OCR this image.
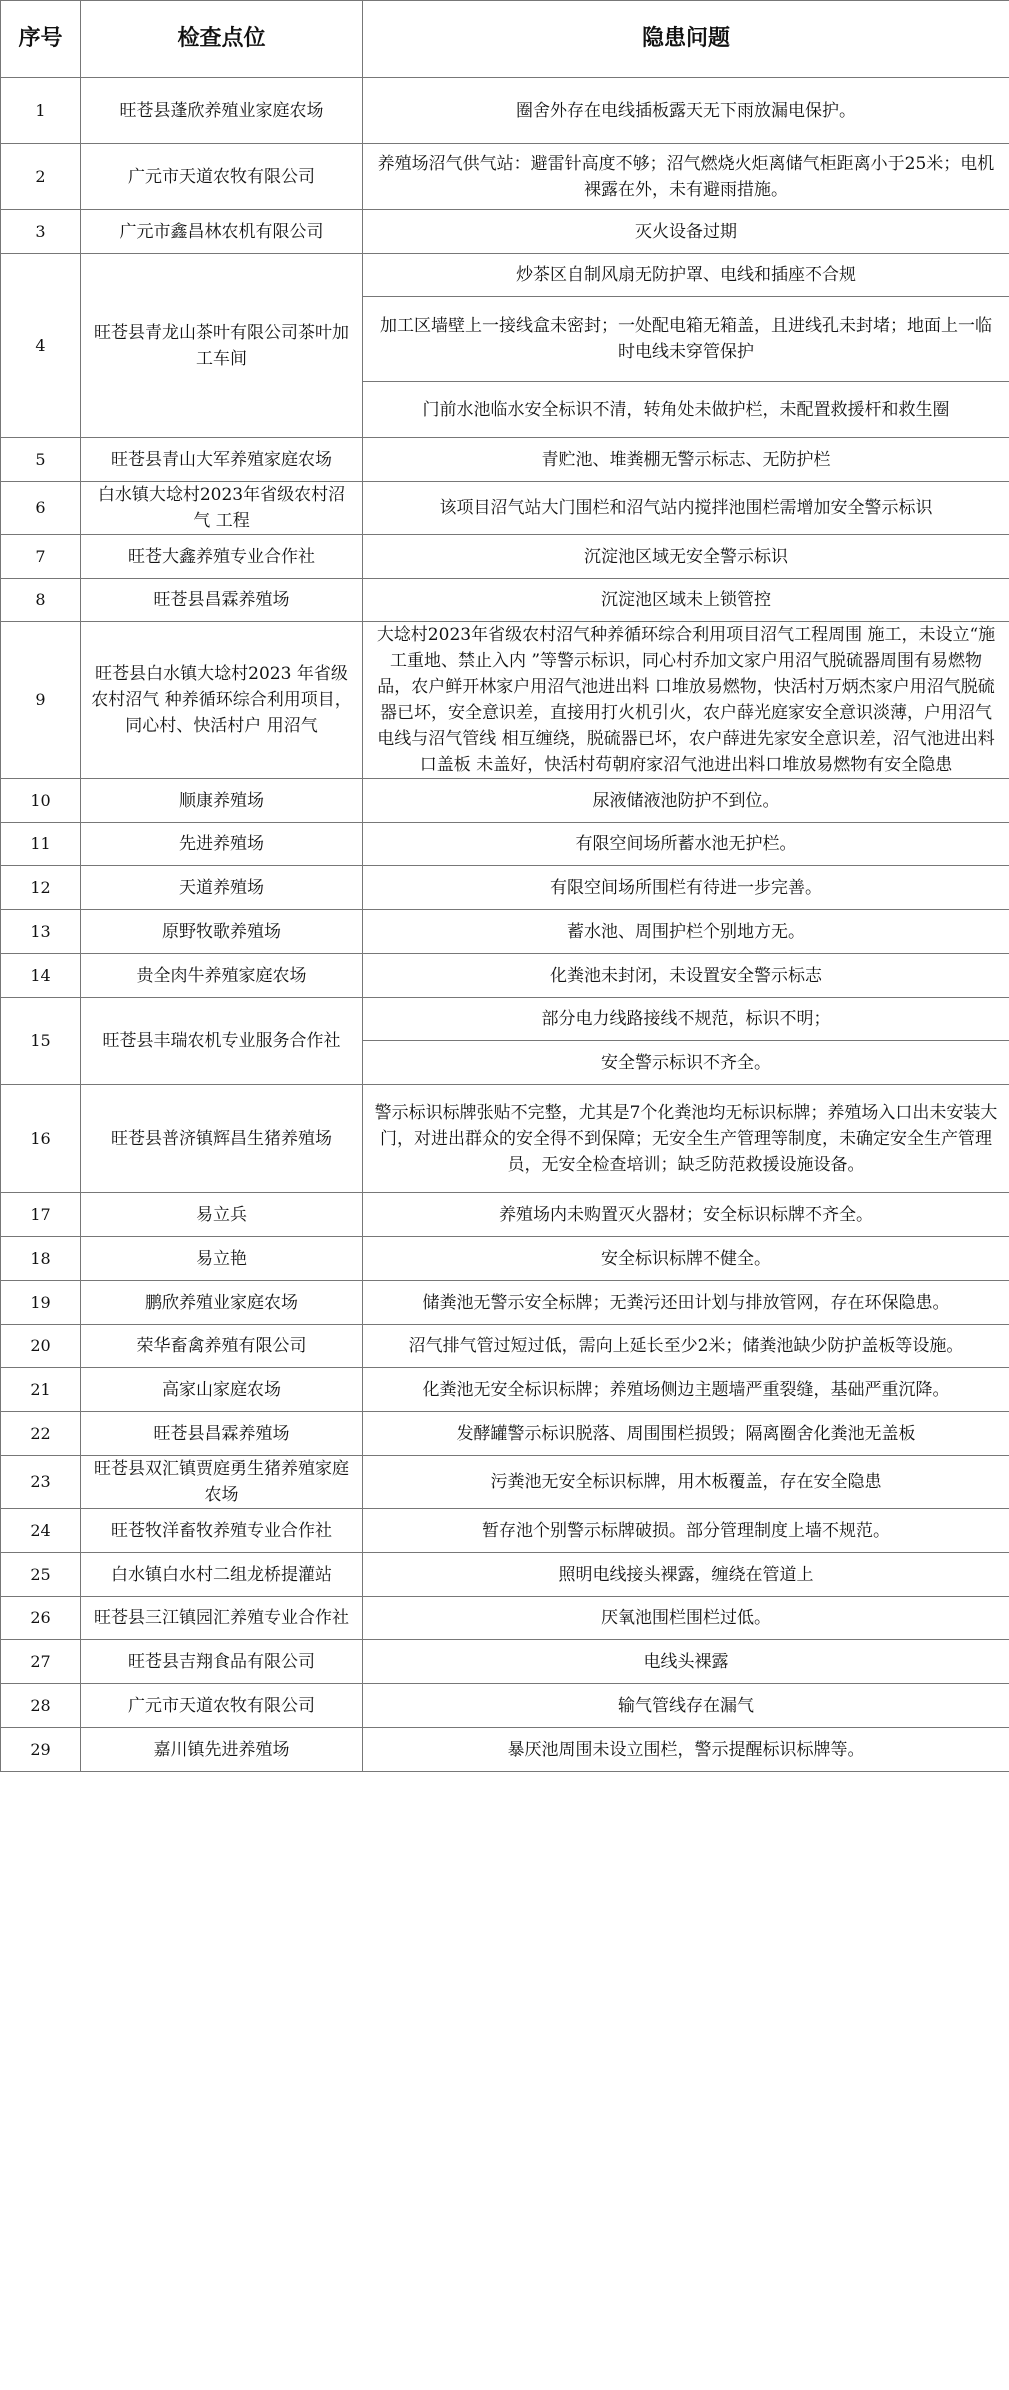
序号	检查点位	隐患问题
1	旺苍县蓬欣养殖业家庭农场	圈舍外存在电线插板露天无下雨放漏电保护。
2	广元市天道农牧有限公司	养殖场沼气供气站：避雷针高度不够；沼气燃烧火炬离储气柜距离小于25米；电机裸露在外，未有避雨措施。
3	广元市鑫昌林农机有限公司	灭火设备过期
4	旺苍县青龙山茶叶有限公司茶叶加工车间	炒茶区自制风扇无防护罩、电线和插座不合规
		加工区墙壁上一接线盒未密封；一处配电箱无箱盖，且进线孔未封堵；地面上一临时电线未穿管保护
		门前水池临水安全标识不清，转角处未做护栏，未配置救援杆和救生圈
5	旺苍县青山大军养殖家庭农场	青贮池、堆粪棚无警示标志、无防护栏
6	白水镇大埝村2023年省级农村沼气 工程	该项目沼气站大门围栏和沼气站内搅拌池围栏需增加安全警示标识
7	旺苍大鑫养殖专业合作社	沉淀池区域无安全警示标识
8	旺苍县昌霖养殖场	沉淀池区域未上锁管控
9	旺苍县白水镇大埝村2023 年省级农村沼气 种养循环综合利用项目，同心村、快活村户 用沼气	大埝村2023年省级农村沼气种养循环综合利用项目沼气工程周围 施工，未设立“施工重地、禁止入内 ”等警示标识，同心村乔加文家户用沼气脱硫器周围有易燃物品，农户鲜开林家户用沼气池进出料 口堆放易燃物，快活村万炳杰家户用沼气脱硫器已坏，安全意识差，直接用打火机引火，农户薛光庭家安全意识淡薄，户用沼气电线与沼气管线 相互缠绕，脱硫器已坏，农户薛进先家安全意识差，沼气池进出料口盖板 未盖好，快活村苟朝府家沼气池进出料口堆放易燃物有安全隐患
10	顺康养殖场	尿液储液池防护不到位。
11	先进养殖场	有限空间场所蓄水池无护栏。
12	天道养殖场	有限空间场所围栏有待进一步完善。
13	原野牧歌养殖场	蓄水池、周围护栏个别地方无。
14	贵全肉牛养殖家庭农场	化粪池未封闭，未设置安全警示标志
15	旺苍县丰瑞农机专业服务合作社	部分电力线路接线不规范，标识不明；
		安全警示标识不齐全。
16	旺苍县普济镇辉昌生猪养殖场	警示标识标牌张贴不完整，尤其是7个化粪池均无标识标牌；养殖场入口出未安装大门，对进出群众的安全得不到保障；无安全生产管理等制度，未确定安全生产管理员，无安全检查培训；缺乏防范救援设施设备。
17	易立兵	养殖场内未购置灭火器材；安全标识标牌不齐全。
18	易立艳	安全标识标牌不健全。
19	鹏欣养殖业家庭农场	储粪池无警示安全标牌；无粪污还田计划与排放管网，存在环保隐患。
20	荣华畜禽养殖有限公司	沼气排气管过短过低，需向上延长至少2米；储粪池缺少防护盖板等设施。
21	高家山家庭农场	化粪池无安全标识标牌；养殖场侧边主题墙严重裂缝，基础严重沉降。
22	旺苍县昌霖养殖场	发酵罐警示标识脱落、周围围栏损毁；隔离圈舍化粪池无盖板
23	旺苍县双汇镇贾庭勇生猪养殖家庭农场	污粪池无安全标识标牌，用木板覆盖，存在安全隐患
24	旺苍牧洋畜牧养殖专业合作社	暂存池个别警示标牌破损。部分管理制度上墙不规范。
25	白水镇白水村二组龙桥提灌站	照明电线接头裸露，缠绕在管道上
26	旺苍县三江镇园汇养殖专业合作社	厌氧池围栏围栏过低。
27	旺苍县吉翔食品有限公司	电线头裸露
28	广元市天道农牧有限公司	输气管线存在漏气
29	嘉川镇先进养殖场	暴厌池周围未设立围栏，警示提醒标识标牌等。
